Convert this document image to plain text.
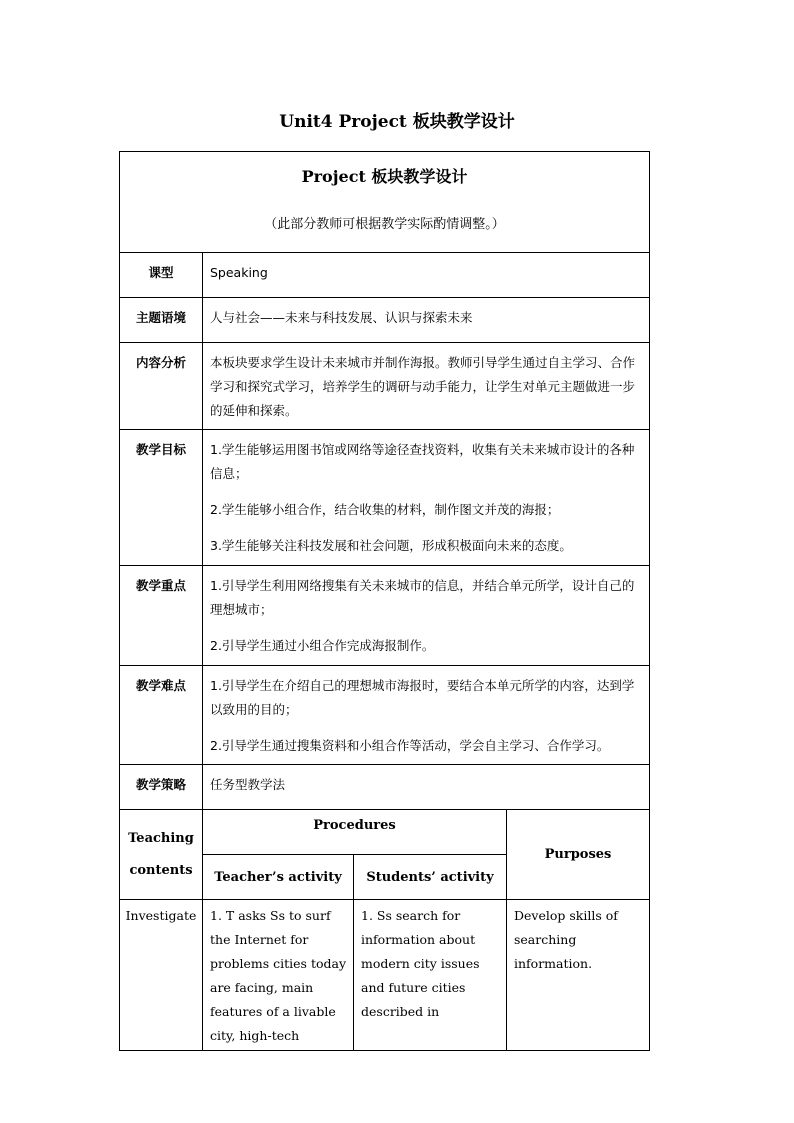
Unit4 Project 板块教学设计
Project 板块教学设计
（此部分教师可根据教学实际酌情调整。）			

课型	Speaking		
主题语境	人与社会——未来与科技发展、认识与探索未来		
内容分析	本板块要求学生设计未来城市并制作海报。教师引导学生通过自主学习、合作学习和探究式学习，培养学生的调研与动手能力，让学生对单元主题做进一步的延伸和探索。		
教学目标	1.学生能够运用图书馆或网络等途径查找资料，收集有关未来城市设计的各种信息；

2.学生能够小组合作，结合收集的材料，制作图文并茂的海报；

3.学生能够关注科技发展和社会问题，形成积极面向未来的态度。		

教学重点	1.引导学生利用网络搜集有关未来城市的信息，并结合单元所学，设计自己的理想城市；

2.引导学生通过小组合作完成海报制作。		

教学难点	1.引导学生在介绍自己的理想城市海报时，要结合本单元所学的内容，达到学以致用的目的；

2.引导学生通过搜集资料和小组合作等活动，学会自主学习、合作学习。		

教学策略	任务型教学法		

Teaching
contents	Procedures		Purposes
	Teacher’s activity	Students’ activity	
Investigate	1. T asks Ss to surf the Internet for problems cities today are facing, main features of a livable city, high-tech	1. Ss search for information about modern city issues and future cities described in	Develop skills of searching information.
